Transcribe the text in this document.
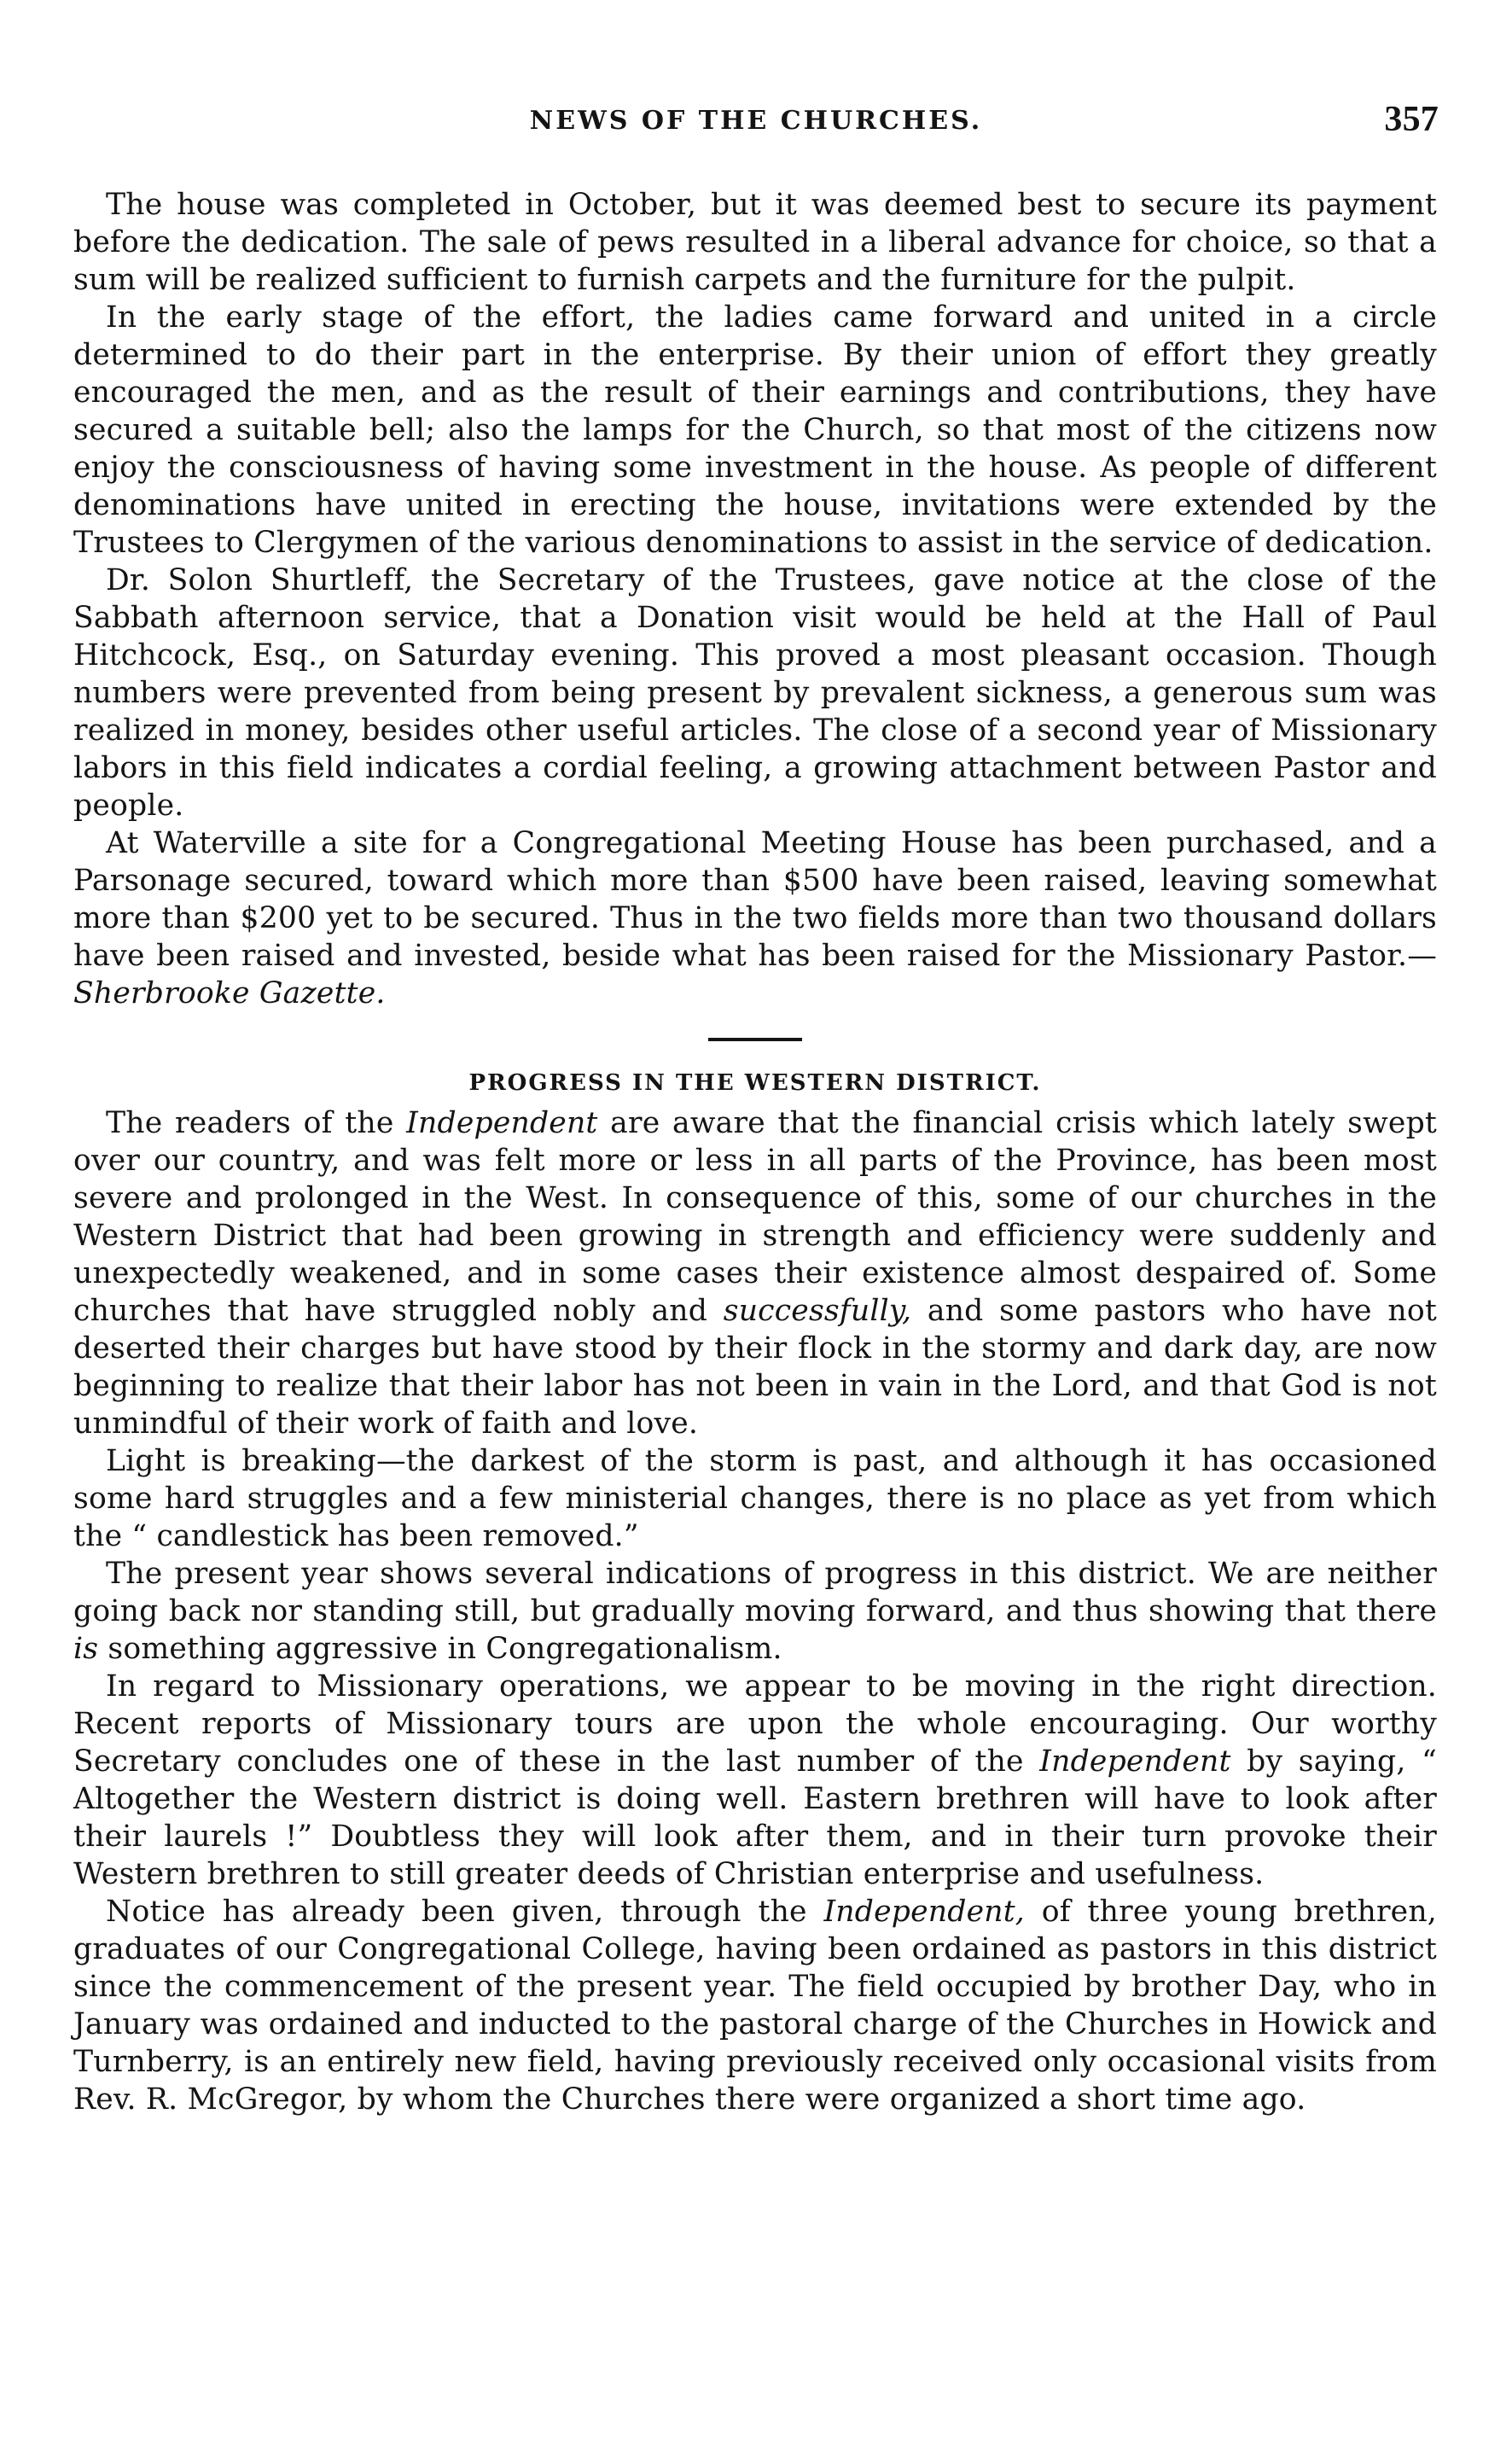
NEWS OF THE CHURCHES.	357

The house was completed in October, but it was deemed best to secure its payment before the dedication. The sale of pews resulted in a liberal advance for choice, so that a sum will be realized sufficient to furnish carpets and the furniture for the pulpit.

In the early stage of the effort, the ladies came forward and united in a circle determined to do their part in the enterprise. By their union of effort they greatly encouraged the men, and as the result of their earnings and contributions, they have secured a suitable bell; also the lamps for the Church, so that most of the citizens now enjoy the consciousness of having some investment in the house. As people of different denominations have united in erecting the house, invitations were extended by the Trustees to Clergymen of the various denominations to assist in the service of dedication.

Dr. Solon Shurtleff, the Secretary of the Trustees, gave notice at the close of the Sabbath afternoon service, that a Donation visit would be held at the Hall of Paul Hitchcock, Esq., on Saturday evening. This proved a most pleasant occasion. Though numbers were prevented from being present by prevalent sickness, a generous sum was realized in money, besides other useful articles. The close of a second year of Missionary labors in this field indicates a cordial feeling, a growing attachment between Pastor and people.

At Waterville a site for a Congregational Meeting House has been purchased, and a Parsonage secured, toward which more than $500 have been raised, leaving somewhat more than $200 yet to be secured. Thus in the two fields more than two thousand dollars have been raised and invested, beside what has been raised for the Missionary Pastor.—Sherbrooke Gazette.

PROGRESS IN THE WESTERN DISTRICT.

The readers of the Independent are aware that the financial crisis which lately swept over our country, and was felt more or less in all parts of the Province, has been most severe and prolonged in the West. In consequence of this, some of our churches in the Western District that had been growing in strength and efficiency were suddenly and unexpectedly weakened, and in some cases their existence almost despaired of. Some churches that have struggled nobly and successfully, and some pastors who have not deserted their charges but have stood by their flock in the stormy and dark day, are now beginning to realize that their labor has not been in vain in the Lord, and that God is not unmindful of their work of faith and love.

Light is breaking—the darkest of the storm is past, and although it has occasioned some hard struggles and a few ministerial changes, there is no place as yet from which the “ candlestick has been removed.”

The present year shows several indications of progress in this district. We are neither going back nor standing still, but gradually moving forward, and thus showing that there is something aggressive in Congregationalism.

In regard to Missionary operations, we appear to be moving in the right direction. Recent reports of Missionary tours are upon the whole encouraging. Our worthy Secretary concludes one of these in the last number of the Independent by saying, “ Altogether the Western district is doing well. Eastern brethren will have to look after their laurels !” Doubtless they will look after them, and in their turn provoke their Western brethren to still greater deeds of Christian enterprise and usefulness.

Notice has already been given, through the Independent, of three young brethren, graduates of our Congregational College, having been ordained as pastors in this district since the commencement of the present year. The field occupied by brother Day, who in January was ordained and inducted to the pastoral charge of the Churches in Howick and Turnberry, is an entirely new field, having previously received only occasional visits from Rev. R. McGregor, by whom the Churches there were organized a short time ago.
